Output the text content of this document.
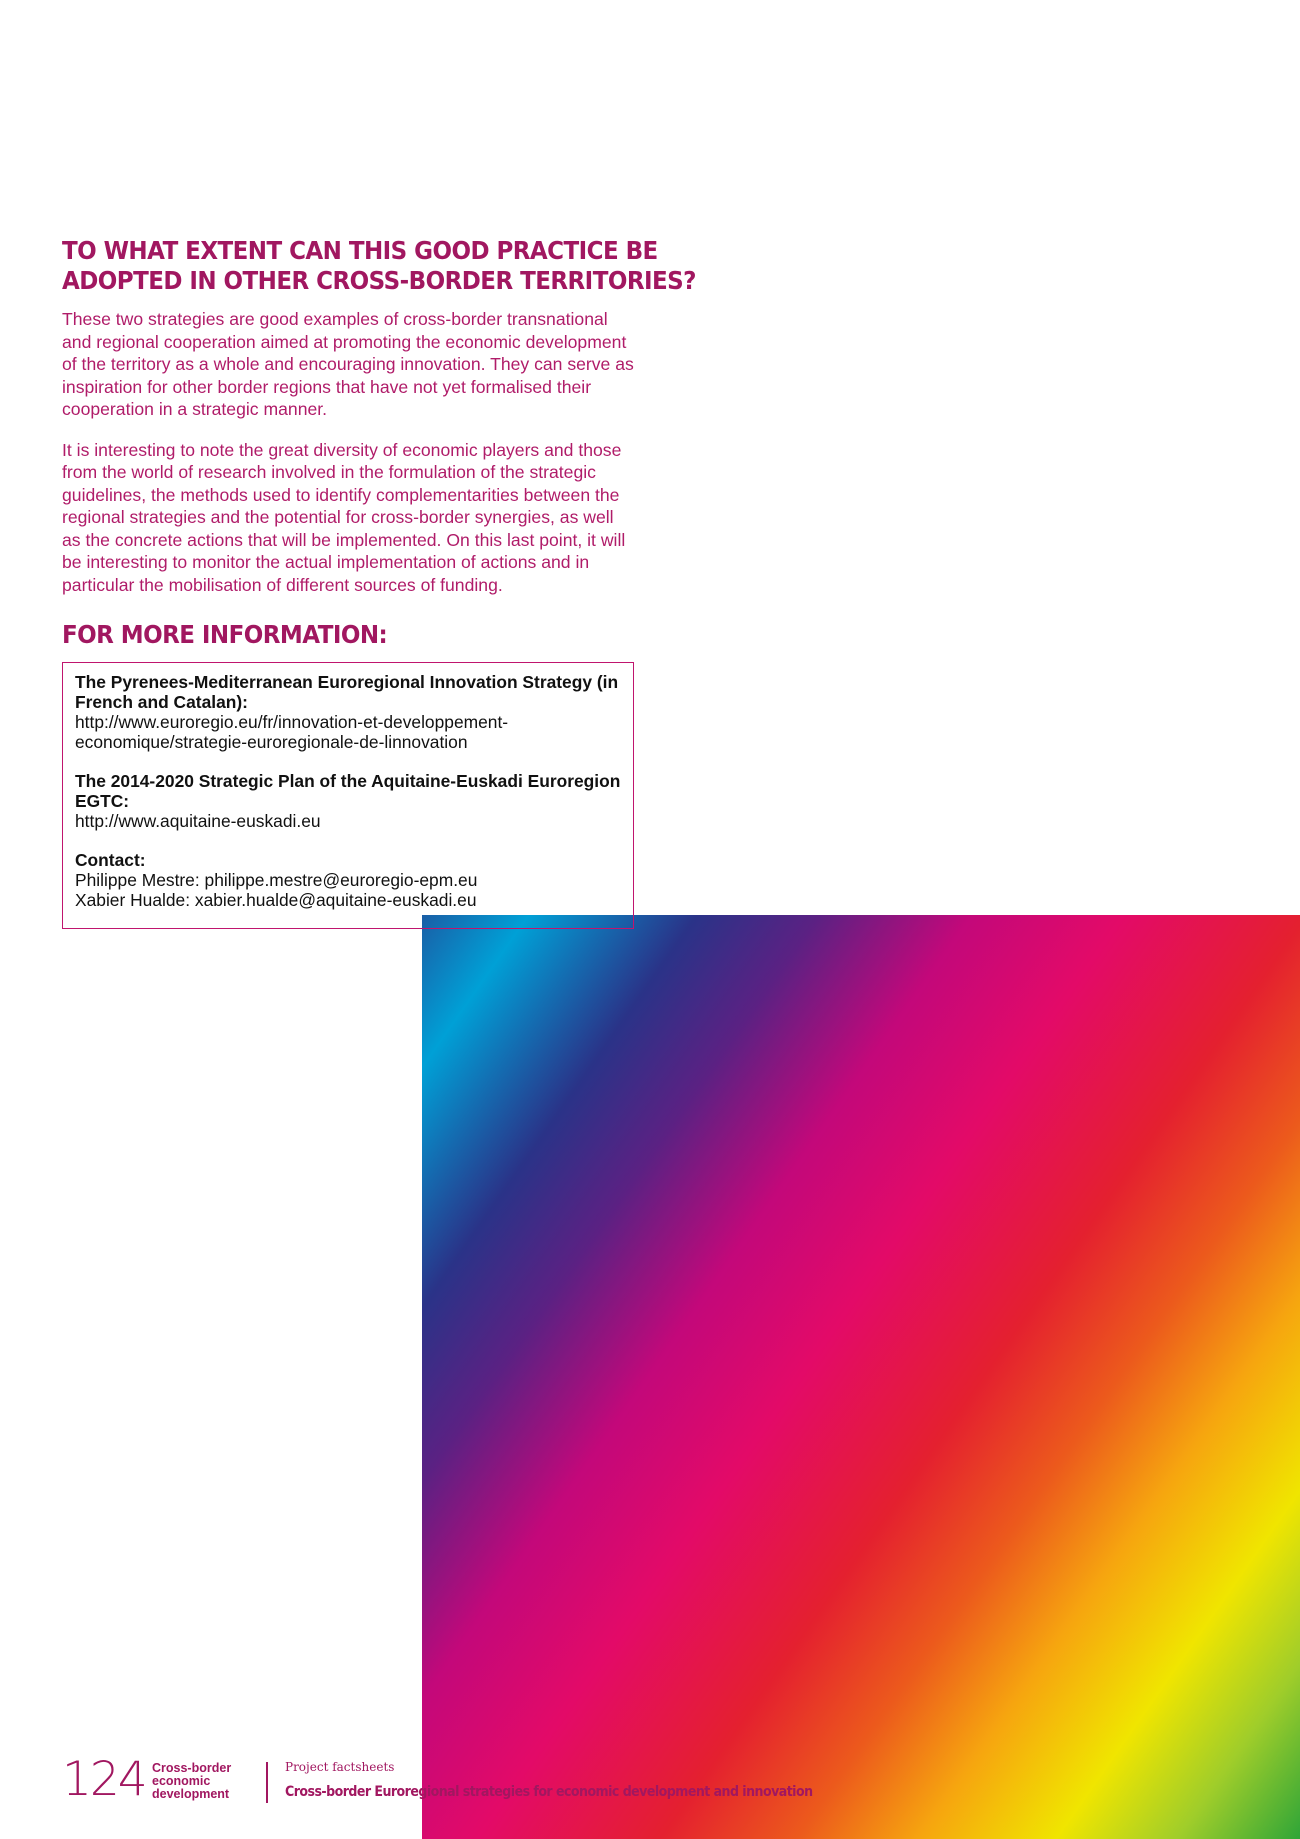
TO WHAT EXTENT CAN THIS GOOD PRACTICE BE
ADOPTED IN OTHER CROSS-BORDER TERRITORIES?

These two strategies are good examples of cross-border transnational and regional cooperation aimed at promoting the economic development of the territory as a whole and encouraging innovation. They can serve as inspiration for other border regions that have not yet formalised their cooperation in a strategic manner.

It is interesting to note the great diversity of economic players and those from the world of research involved in the formulation of the strategic guidelines, the methods used to identify complementarities between the regional strategies and the potential for cross-border synergies, as well as the concrete actions that will be implemented. On this last point, it will be interesting to monitor the actual implementation of actions and in particular the mobilisation of different sources of funding.

FOR MORE INFORMATION:
The Pyrenees-Mediterranean Euroregional Innovation Strategy (in French and Catalan):
http://www.euroregio.eu/fr/innovation-et-developpement-
economique/strategie-euroregionale-de-linnovation
The 2014-2020 Strategic Plan of the Aquitaine-Euskadi Euroregion EGTC:
http://www.aquitaine-euskadi.eu
Contact:
Philippe Mestre: philippe.mestre@euroregio-epm.eu
Xabier Hualde: xabier.hualde@aquitaine-euskadi.eu
124 Cross-border
economic
development
Project factsheets
Cross-border Euroregional strategies for economic development and innovation
